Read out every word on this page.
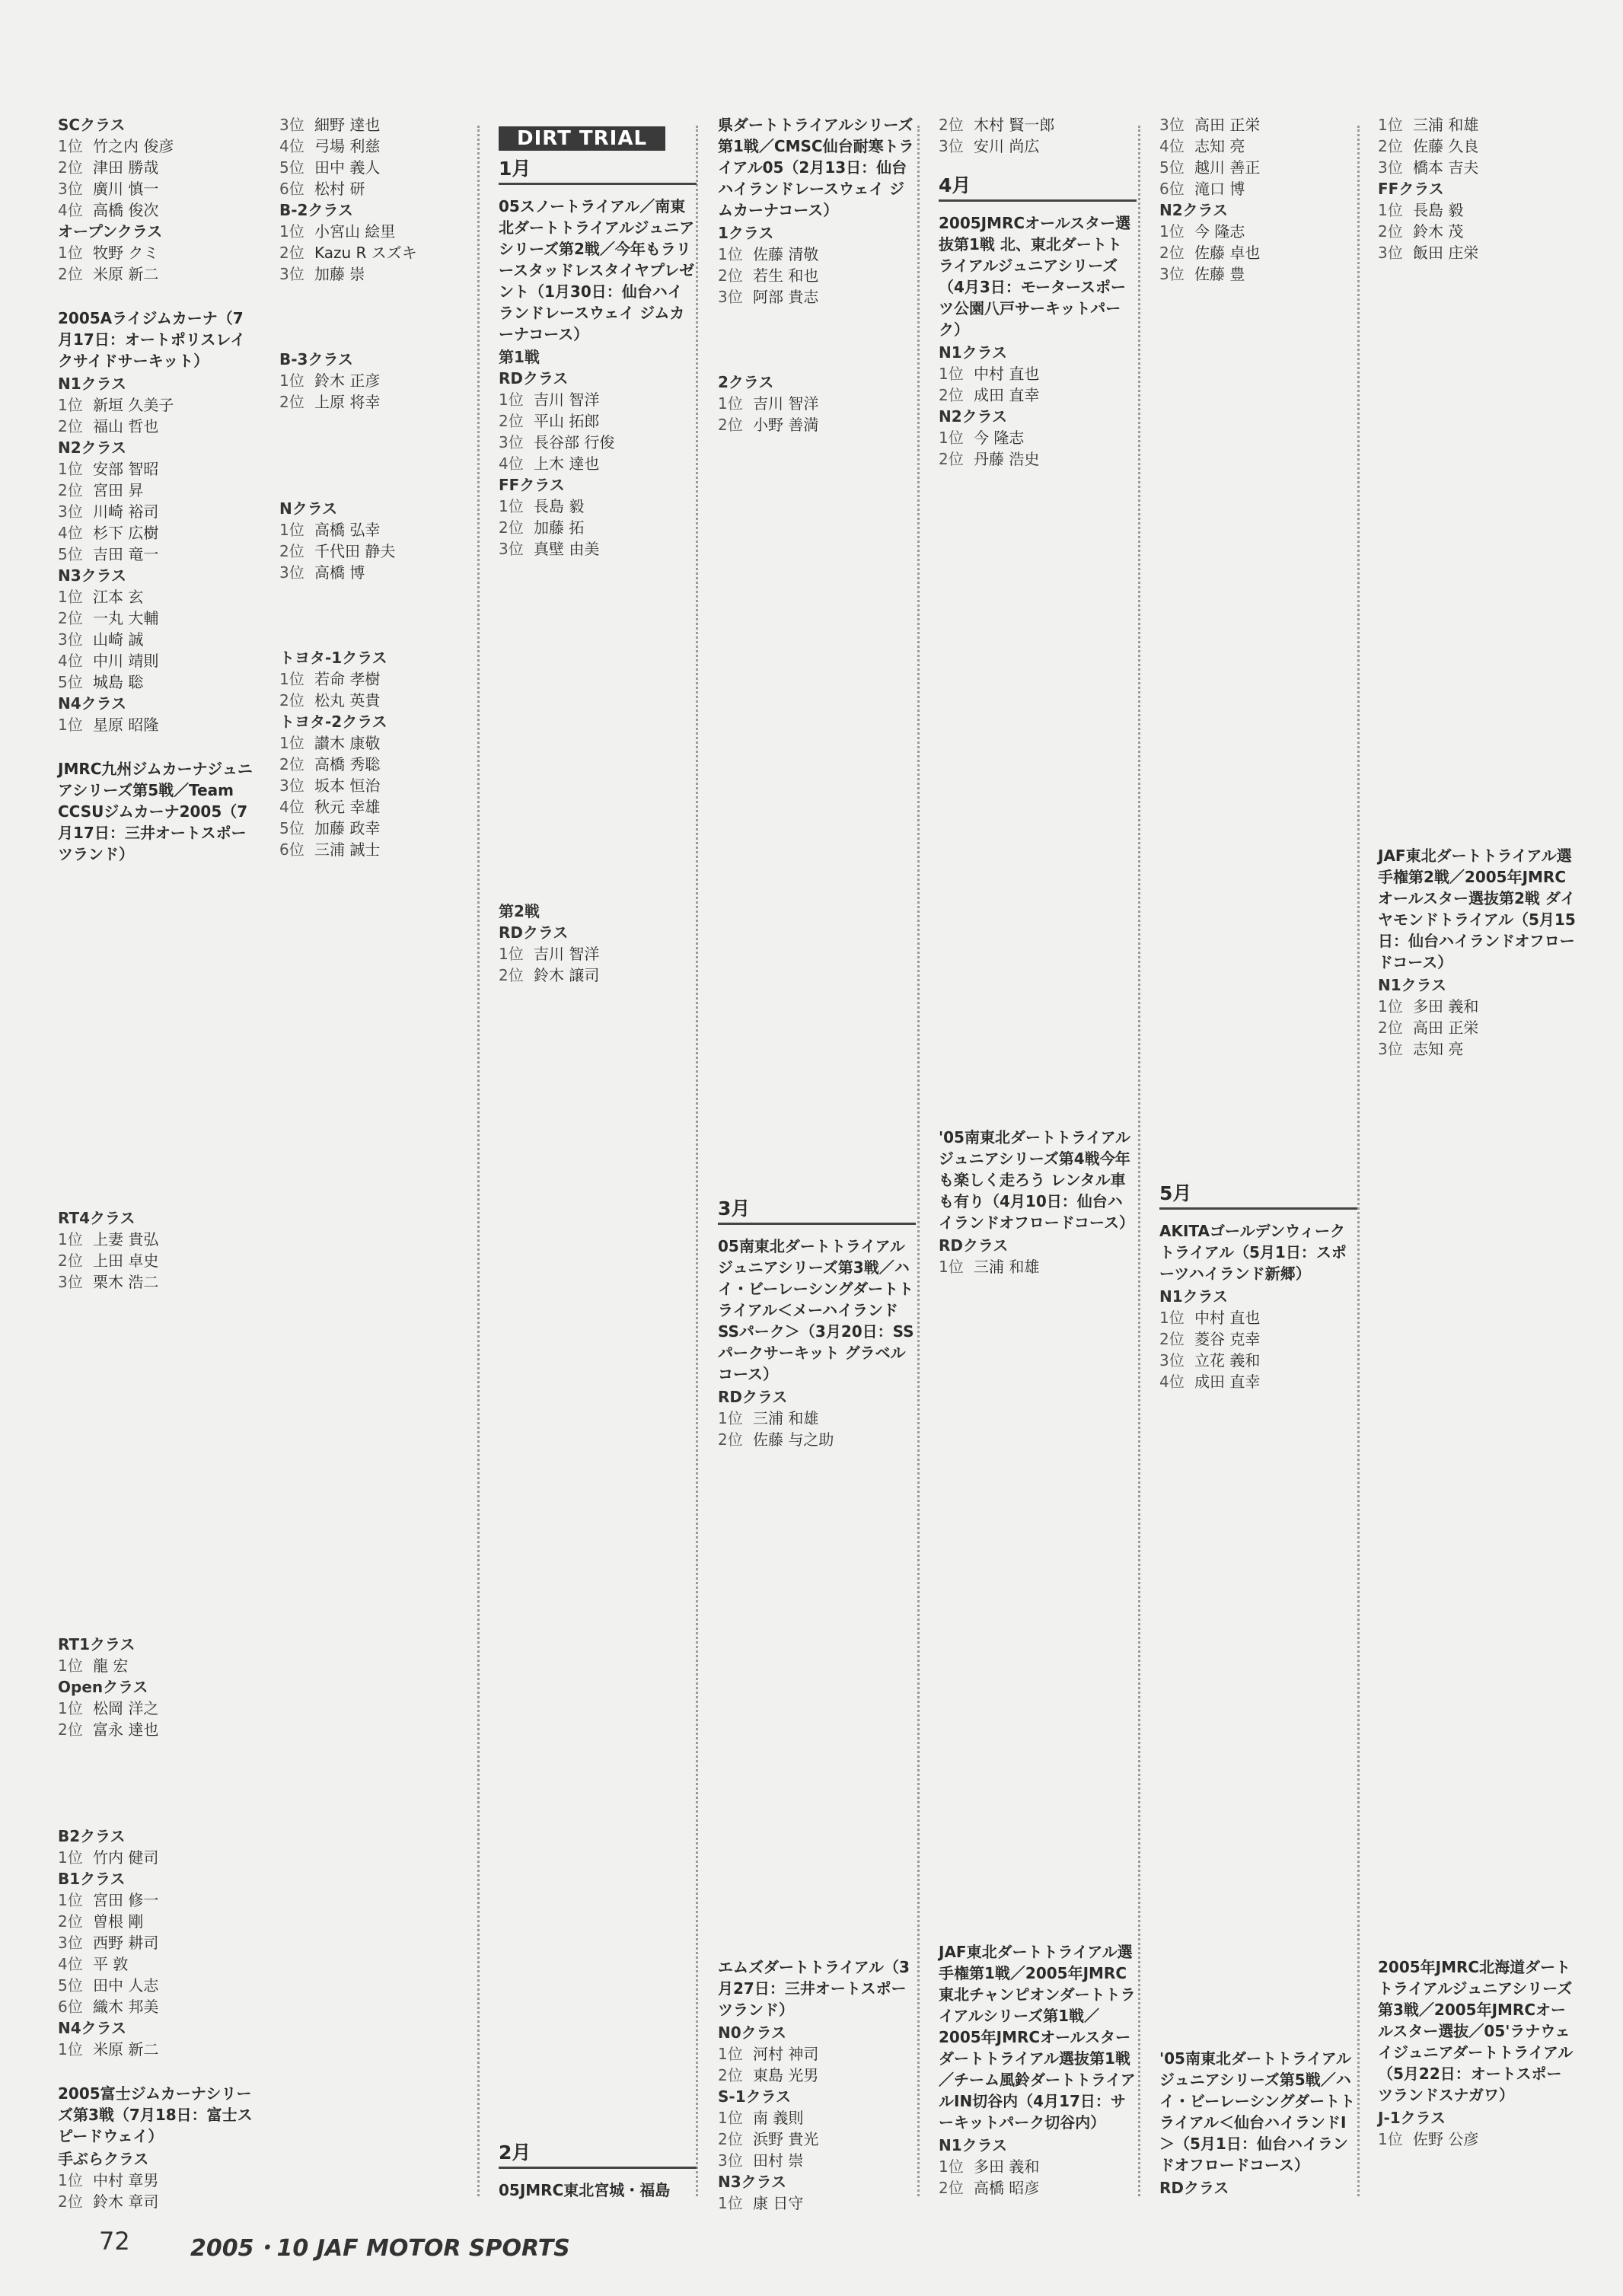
SCクラス
1位 竹之内 俊彦
2位 津田 勝哉
3位 廣川 慎一
4位 高橋 俊次
オープンクラス
1位 牧野 クミ
2位 米原 新二
2005Aライジムカーナ（7月17日：オートポリスレイクサイドサーキット）
N1クラス
1位 新垣 久美子
2位 福山 哲也
N2クラス
1位 安部 智昭
2位 宮田 昇
3位 川崎 裕司
4位 杉下 広樹
5位 吉田 竜一
N3クラス
1位 江本 玄
2位 一丸 大輔
3位 山崎 誠
4位 中川 靖則
5位 城島 聡
N4クラス
1位 星原 昭隆
JMRC九州ジムカーナジュニアシリーズ第5戦／Team CCSUジムカーナ2005（7月17日：三井オートスポーツランド）
RT4クラス
1位 上妻 貴弘
2位 上田 卓史
3位 栗木 浩二
RT1クラス
1位 龍 宏
Openクラス
1位 松岡 洋之
2位 富永 達也
B2クラス
1位 竹内 健司
B1クラス
1位 宮田 修一
2位 曽根 剛
3位 西野 耕司
4位 平 敦
5位 田中 人志
6位 織木 邦美
N4クラス
1位 米原 新二
2005富士ジムカーナシリーズ第3戦（7月18日：富士スピードウェイ）
手ぶらクラス
1位 中村 章男
2位 鈴木 章司
3位 細野 達也
4位 弓場 利慈
5位 田中 義人
6位 松村 研
B-2クラス
1位 小宮山 絵里
2位 Kazu R スズキ
3位 加藤 崇
B-3クラス
1位 鈴木 正彦
2位 上原 将幸
Nクラス
1位 高橋 弘幸
2位 千代田 静夫
3位 高橋 博
トヨタ-1クラス
1位 若命 孝樹
2位 松丸 英貴
トヨタ-2クラス
1位 讃木 康敬
2位 高橋 秀聡
3位 坂本 恒治
4位 秋元 幸雄
5位 加藤 政幸
6位 三浦 誠士
DIRT TRIAL
1月
05スノートライアル／南東北ダートトライアルジュニアシリーズ第2戦／今年もラリースタッドレスタイヤプレゼント（1月30日：仙台ハイランドレースウェイ ジムカーナコース）
第1戦
RDクラス
1位 吉川 智洋
2位 平山 拓郎
3位 長谷部 行俊
4位 上木 達也
FFクラス
1位 長島 毅
2位 加藤 拓
3位 真壁 由美
第2戦
RDクラス
1位 吉川 智洋
2位 鈴木 譲司
2月
05JMRC東北宮城・福島
県ダートトライアルシリーズ第1戦／CMSC仙台耐寒トライアル05（2月13日：仙台ハイランドレースウェイ ジムカーナコース）
1クラス
1位 佐藤 清敬
2位 若生 和也
3位 阿部 貴志
2クラス
1位 吉川 智洋
2位 小野 善満
3月
05南東北ダートトライアルジュニアシリーズ第3戦／ハイ・ビーレーシングダートトライアル＜メーハイランドSSパーク＞（3月20日：SSパークサーキット グラベルコース）
RDクラス
1位 三浦 和雄
2位 佐藤 与之助
エムズダートトライアル（3月27日：三井オートスポーツランド）
N0クラス
1位 河村 神司
2位 東島 光男
S-1クラス
1位 南 義則
2位 浜野 貴光
3位 田村 崇
N3クラス
1位 康 日守
2位 木村 賢一郎
3位 安川 尚広
4月
2005JMRCオールスター選抜第1戦 北、東北ダートトライアルジュニアシリーズ（4月3日：モータースポーツ公園八戸サーキットパーク）
N1クラス
1位 中村 直也
2位 成田 直幸
N2クラス
1位 今 隆志
2位 丹藤 浩史
'05南東北ダートトライアルジュニアシリーズ第4戦今年も楽しく走ろう レンタル車も有り（4月10日：仙台ハイランドオフロードコース）
RDクラス
1位 三浦 和雄
JAF東北ダートトライアル選手権第1戦／2005年JMRC東北チャンピオンダートトライアルシリーズ第1戦／2005年JMRCオールスターダートトライアル選抜第1戦／チーム風鈴ダートトライアルIN切谷内（4月17日：サーキットパーク切谷内）
N1クラス
1位 多田 義和
2位 高橋 昭彦
3位 高田 正栄
4位 志知 亮
5位 越川 善正
6位 滝口 博
N2クラス
1位 今 隆志
2位 佐藤 卓也
3位 佐藤 豊
5月
AKITAゴールデンウィークトライアル（5月1日：スポーツハイランド新郷）
N1クラス
1位 中村 直也
2位 菱谷 克幸
3位 立花 義和
4位 成田 直幸
'05南東北ダートトライアルジュニアシリーズ第5戦／ハイ・ビーレーシングダートトライアル＜仙台ハイランドⅠ＞（5月1日：仙台ハイランドオフロードコース）
RDクラス
1位 三浦 和雄
2位 佐藤 久良
3位 橋本 吉夫
FFクラス
1位 長島 毅
2位 鈴木 茂
3位 飯田 庄栄
JAF東北ダートトライアル選手権第2戦／2005年JMRCオールスター選抜第2戦 ダイヤモンドトライアル（5月15日：仙台ハイランドオフロードコース）
N1クラス
1位 多田 義和
2位 高田 正栄
3位 志知 亮
2005年JMRC北海道ダートトライアルジュニアシリーズ第3戦／2005年JMRCオールスター選抜／05'ラナウェイジュニアダートトライアル（5月22日：オートスポーツランドスナガワ）
J-1クラス
1位 佐野 公彦
72	2005・10 JAF MOTOR SPORTS
